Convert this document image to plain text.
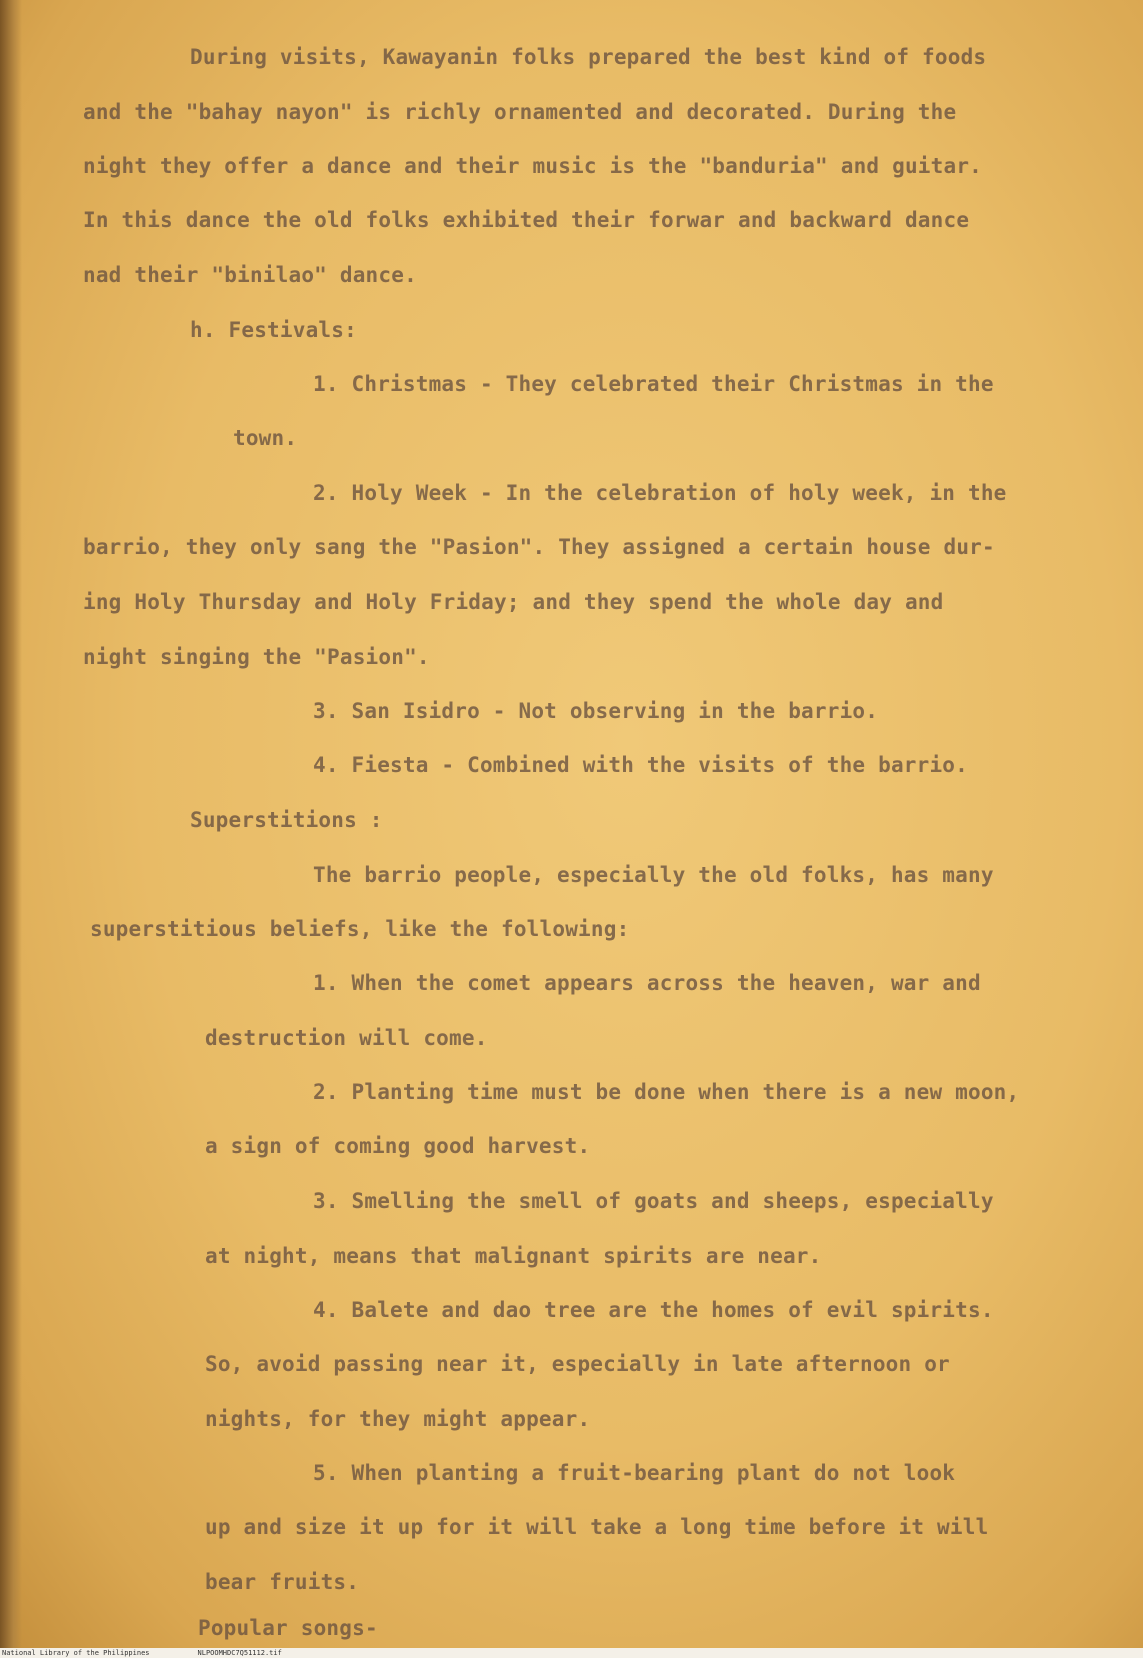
During visits, Kawayanin folks prepared the best kind of foods

and the "bahay nayon" is richly ornamented and decorated. During the

night they offer a dance and their music is the "banduria" and guitar.

In this dance the old folks exhibited their forwar and backward dance

nad their "binilao" dance.

h. Festivals:

1. Christmas - They celebrated their Christmas in the

town.

2. Holy Week - In the celebration of holy week, in the

barrio, they only sang the "Pasion". They assigned a certain house dur-

ing Holy Thursday and Holy Friday; and they spend the whole day and

night singing the "Pasion".

3. San Isidro - Not observing in the barrio.

4. Fiesta - Combined with the visits of the barrio.

Superstitions :

The barrio people, especially the old folks, has many

superstitious beliefs, like the following:

1. When the comet appears across the heaven, war and

destruction will come.

2. Planting time must be done when there is a new moon,

a sign of coming good harvest.

3. Smelling the smell of goats and sheeps, especially

at night, means that malignant spirits are near.

4. Balete and dao tree are the homes of evil spirits.

So, avoid passing near it, especially in late afternoon or

nights, for they might appear.

5. When planting a fruit-bearing plant do not look

up and size it up for it will take a long time before it will

bear fruits.

Popular songs-

National Library of the Philippines	NLPOOMHDC7Q51112.tif
